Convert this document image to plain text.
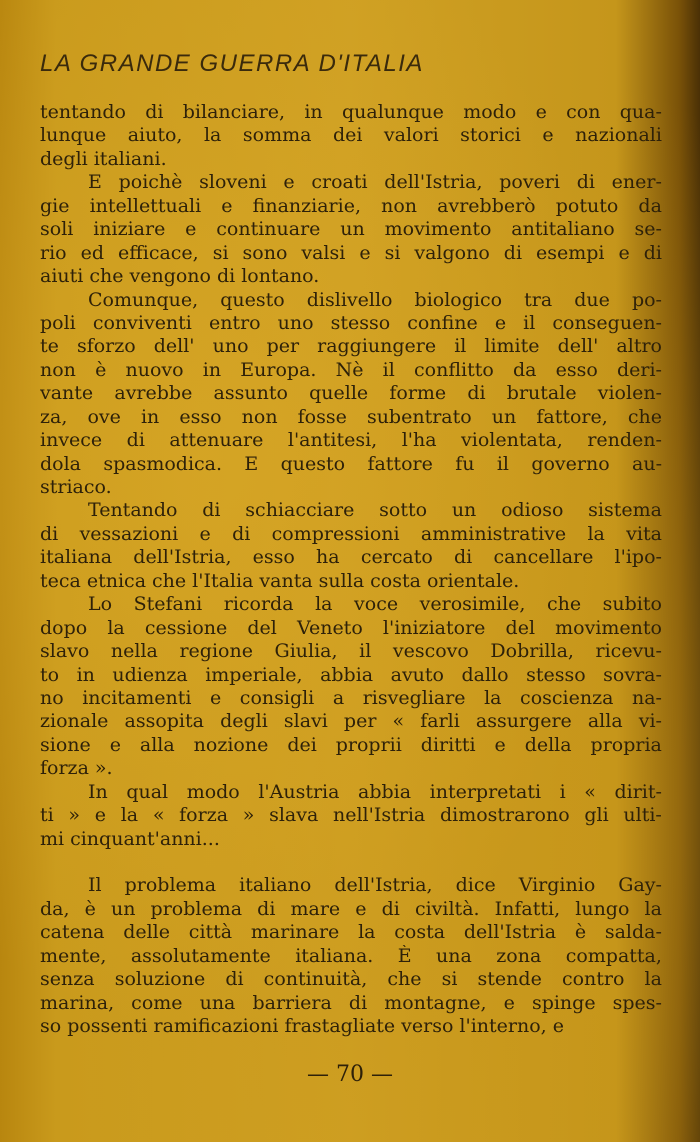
LA GRANDE GUERRA D'ITALIA
tentando di bilanciare, in qualunque modo e con qua-
lunque aiuto, la somma dei valori storici e nazionali
degli italiani.
E poichè sloveni e croati dell'Istria, poveri di ener-
gie intellettuali e finanziarie, non avrebberò potuto da
soli iniziare e continuare un movimento antitaliano se-
rio ed efficace, si sono valsi e si valgono di esempi e di
aiuti che vengono di lontano.
Comunque, questo dislivello biologico tra due po-
poli conviventi entro uno stesso confine e il conseguen-
te sforzo dell' uno per raggiungere il limite dell' altro
non è nuovo in Europa. Nè il conflitto da esso deri-
vante avrebbe assunto quelle forme di brutale violen-
za, ove in esso non fosse subentrato un fattore, che
invece di attenuare l'antitesi, l'ha violentata, renden-
dola spasmodica. E questo fattore fu il governo au-
striaco.
Tentando di schiacciare sotto un odioso sistema
di vessazioni e di compressioni amministrative la vita
italiana dell'Istria, esso ha cercato di cancellare l'ipo-
teca etnica che l'Italia vanta sulla costa orientale.
Lo Stefani ricorda la voce verosimile, che subito
dopo la cessione del Veneto l'iniziatore del movimento
slavo nella regione Giulia, il vescovo Dobrilla, ricevu-
to in udienza imperiale, abbia avuto dallo stesso sovra-
no incitamenti e consigli a risvegliare la coscienza na-
zionale assopita degli slavi per « farli assurgere alla vi-
sione e alla nozione dei proprii diritti e della propria
forza ».
In qual modo l'Austria abbia interpretati i « dirit-
ti » e la « forza » slava nell'Istria dimostrarono gli ulti-
mi cinquant'anni...
Il problema italiano dell'Istria, dice Virginio Gay-
da, è un problema di mare e di civiltà. Infatti, lungo la
catena delle città marinare la costa dell'Istria è salda-
mente, assolutamente italiana. È una zona compatta,
senza soluzione di continuità, che si stende contro la
marina, come una barriera di montagne, e spinge spes-
so possenti ramificazioni frastagliate verso l'interno, e
— 70 —
